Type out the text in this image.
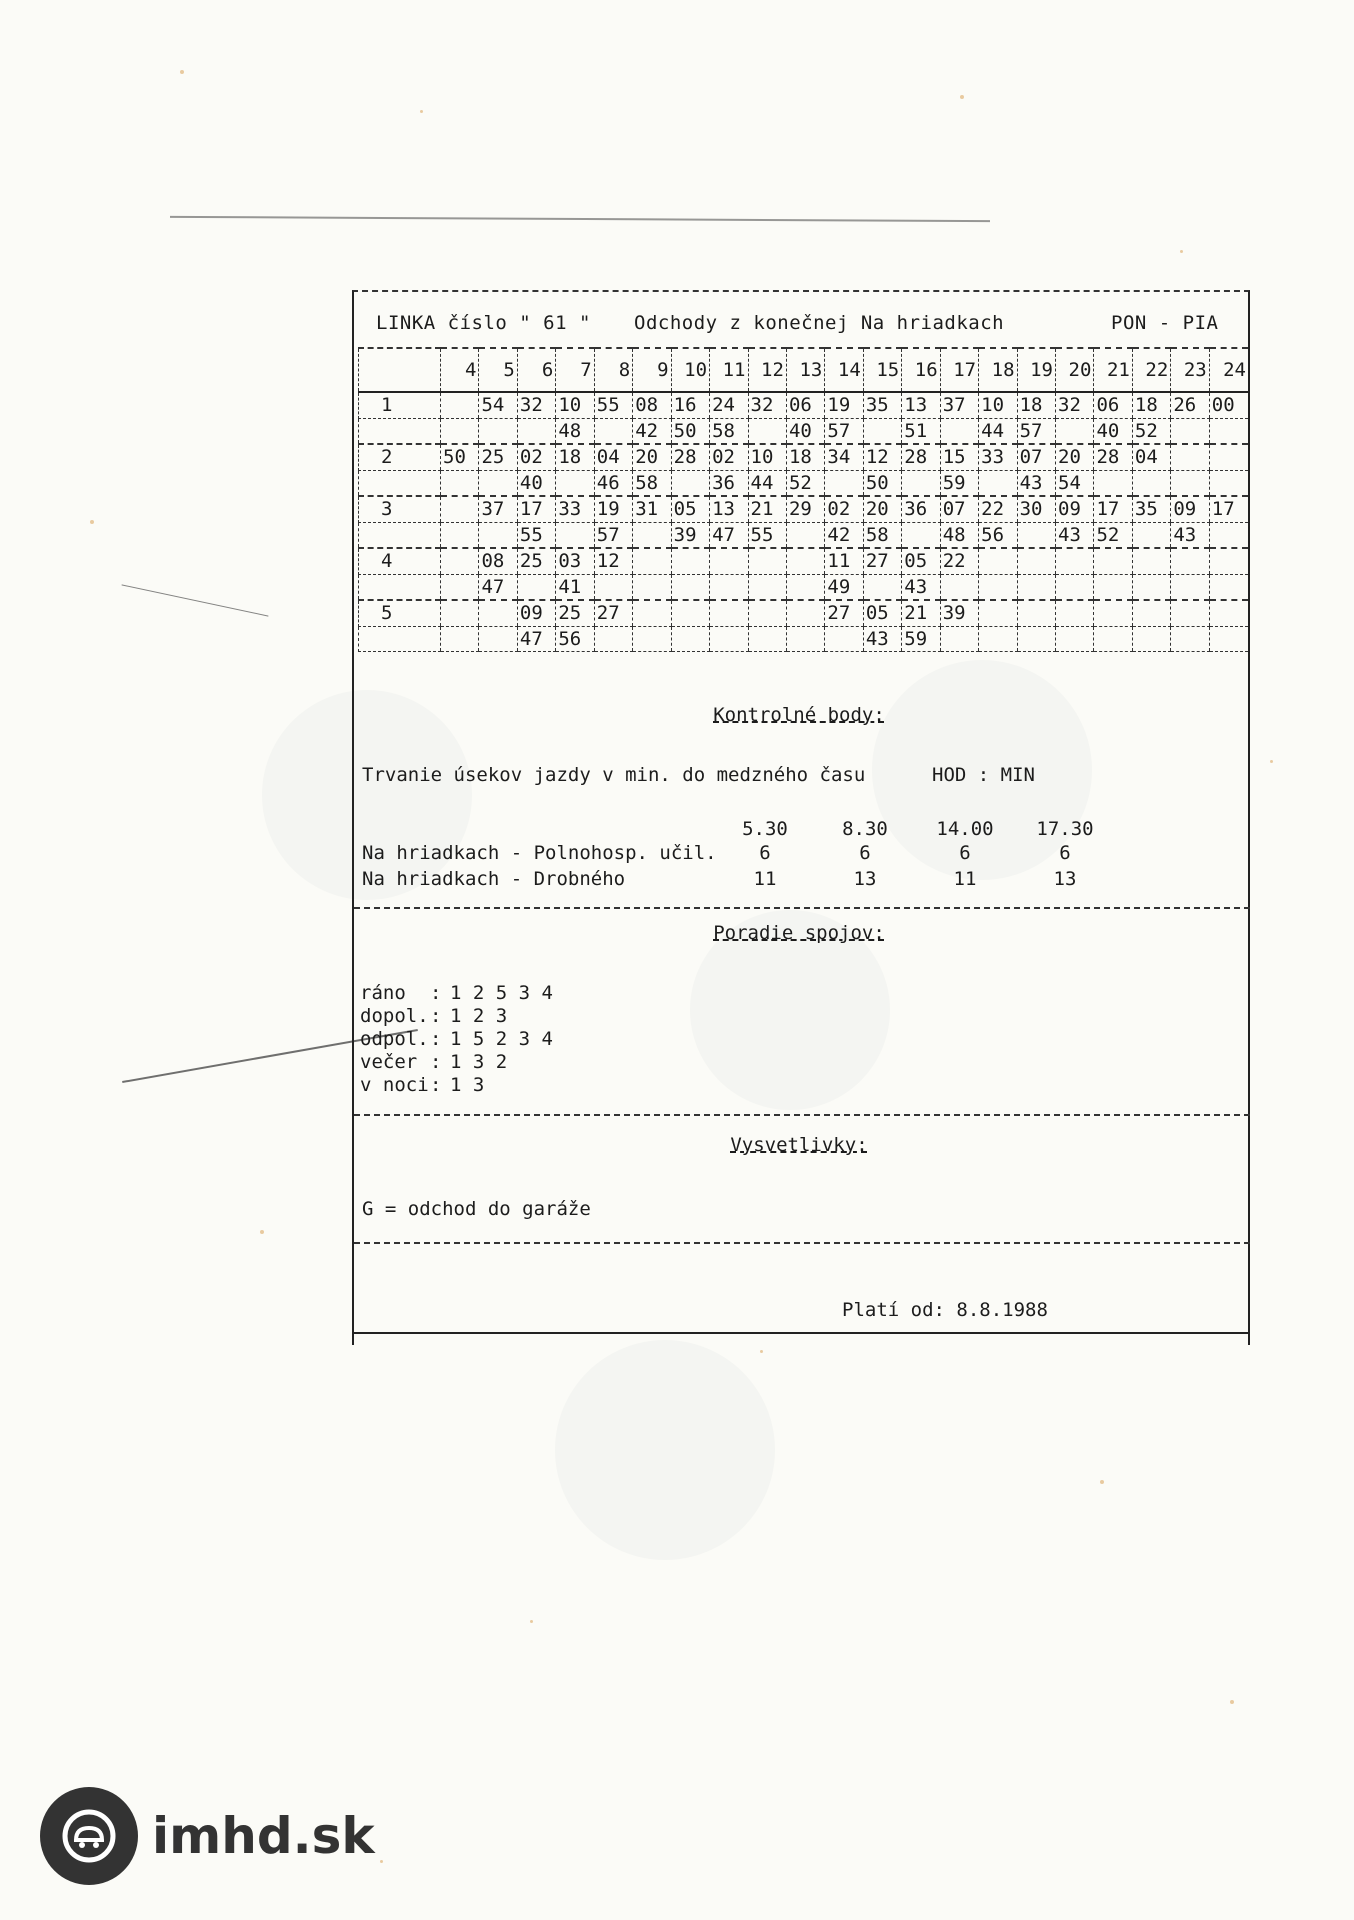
LINKA číslo " 61 " Odchody z konečnej Na hriadkach	PON - PIA
	4	5	6	7	8	9	10	11	12	13	14	15	16	17	18	19	20	21	22	23	24
1		54	32	10	55	08	16	24	32	06	19	35	13	37	10	18	32	06	18	26	00
				48		42	50	58		40	57		51		44	57		40	52		
2	50	25	02	18	04	20	28	02	10	18	34	12	28	15	33	07	20	28	04		
			40		46	58		36	44	52		50		59		43	54				
3		37	17	33	19	31	05	13	21	29	02	20	36	07	22	30	09	17	35	09	17
			55		57		39	47	55		42	58		48	56		43	52		43	
4		08	25	03	12						11	27	05	22							
		47		41							49		43								
5			09	25	27						27	05	21	39							
			47	56								43	59								
Kontrolné body:
Trvanie úsekov jazdy v min. do medzného času	HOD : MIN
5.30	8.30	14.00	17.30
Na hriadkach - Polnohosp. učil.	6	6	6	6
Na hriadkach - Drobného	11	13	11	13
Poradie spojov:
ráno : 1 2 5 3 4
dopol. : 1 2 3
odpol. : 1 5 2 3 4
večer : 1 3 2
v noci : 1 3
Vysvetlivky:
G = odchod do garáže
Platí od: 8.8.1988
imhd.sk
